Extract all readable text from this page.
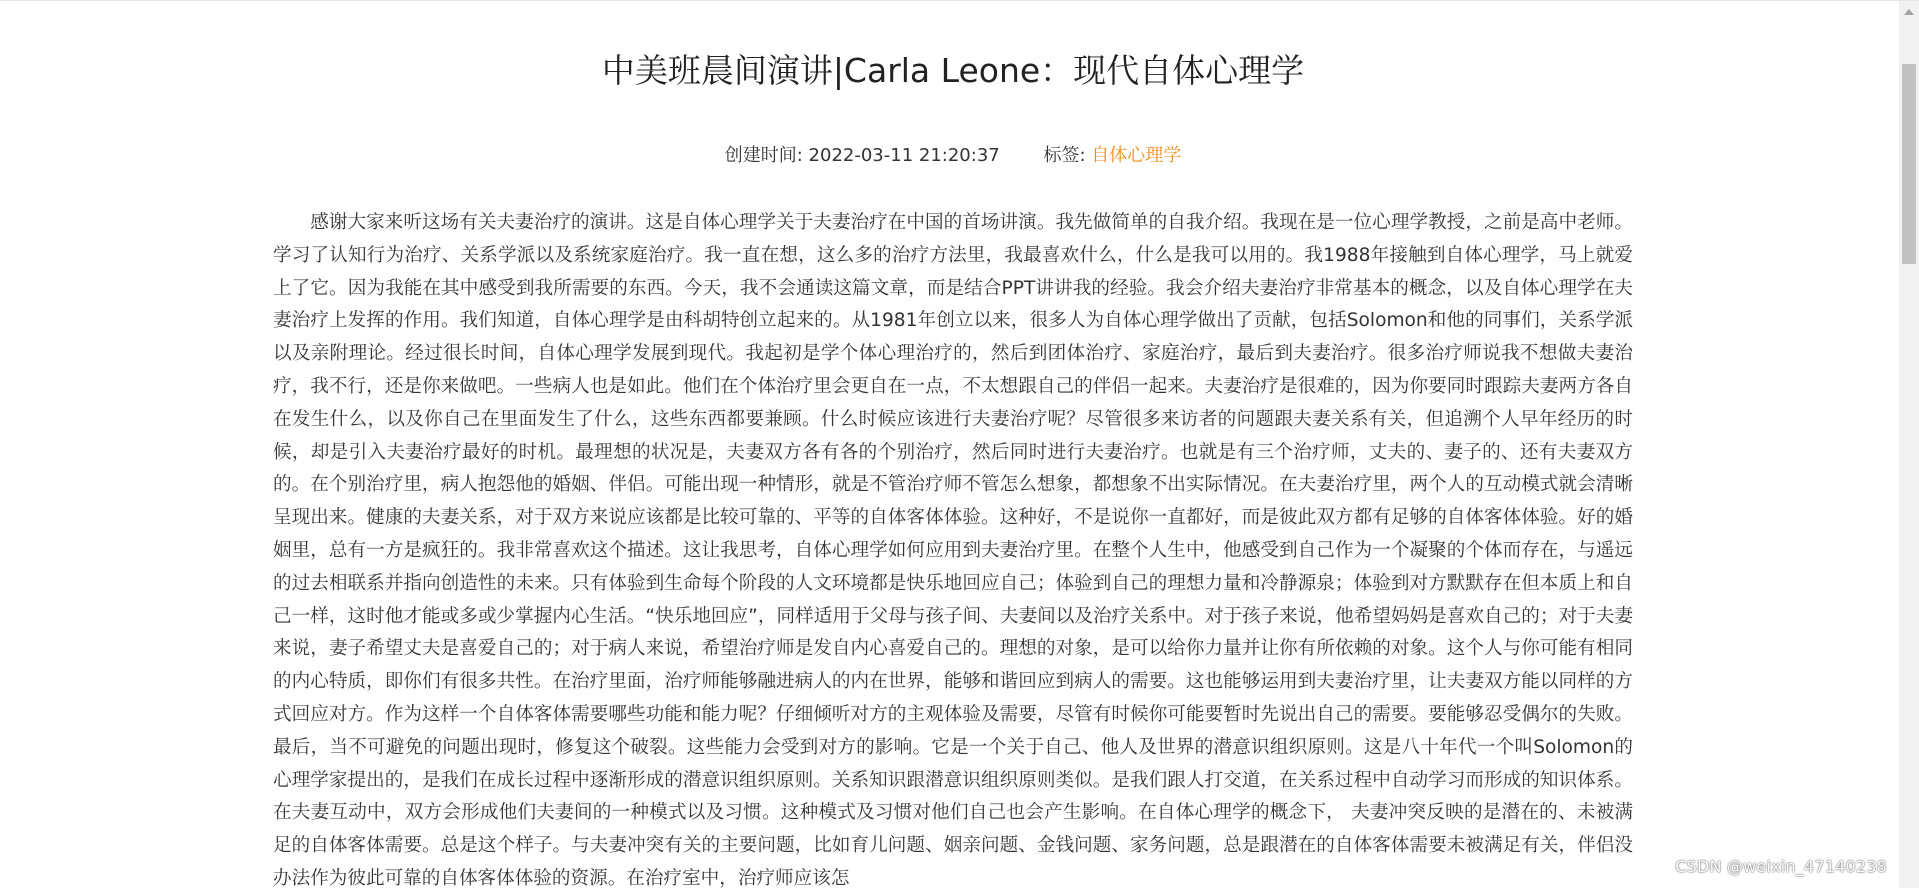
中美班晨间演讲|Carla Leone：现代自体心理学
创建时间: 2022-03-11 21:20:37 标签: 自体心理学

感谢大家来听这场有关夫妻治疗的演讲。这是自体心理学关于夫妻治疗在中国的首场讲演。我先做简单的自我介绍。我现在是一位心理学教授，之前是高中老师。学习了认知行为治疗、关系学派以及系统家庭治疗。我一直在想，这么多的治疗方法里，我最喜欢什么，什么是我可以用的。我1988年接触到自体心理学，马上就爱上了它。因为我能在其中感受到我所需要的东西。今天，我不会通读这篇文章，而是结合PPT讲讲我的经验。我会介绍夫妻治疗非常基本的概念，以及自体心理学在夫妻治疗上发挥的作用。我们知道，自体心理学是由科胡特创立起来的。从1981年创立以来，很多人为自体心理学做出了贡献，包括Solomon和他的同事们，关系学派以及亲附理论。经过很长时间，自体心理学发展到现代。我起初是学个体心理治疗的，然后到团体治疗、家庭治疗，最后到夫妻治疗。很多治疗师说我不想做夫妻治疗，我不行，还是你来做吧。一些病人也是如此。他们在个体治疗里会更自在一点，不太想跟自己的伴侣一起来。夫妻治疗是很难的，因为你要同时跟踪夫妻两方各自在发生什么，以及你自己在里面发生了什么，这些东西都要兼顾。什么时候应该进行夫妻治疗呢？尽管很多来访者的问题跟夫妻关系有关，但追溯个人早年经历的时候，却是引入夫妻治疗最好的时机。最理想的状况是，夫妻双方各有各的个别治疗，然后同时进行夫妻治疗。也就是有三个治疗师，丈夫的、妻子的、还有夫妻双方的。在个别治疗里，病人抱怨他的婚姻、伴侣。可能出现一种情形，就是不管治疗师不管怎么想象，都想象不出实际情况。在夫妻治疗里，两个人的互动模式就会清晰呈现出来。健康的夫妻关系，对于双方来说应该都是比较可靠的、平等的自体客体体验。这种好，不是说你一直都好，而是彼此双方都有足够的自体客体体验。好的婚姻里，总有一方是疯狂的。我非常喜欢这个描述。这让我思考，自体心理学如何应用到夫妻治疗里。在整个人生中，他感受到自己作为一个凝聚的个体而存在，与遥远的过去相联系并指向创造性的未来。只有体验到生命每个阶段的人文环境都是快乐地回应自己；体验到自己的理想力量和冷静源泉；体验到对方默默存在但本质上和自己一样，这时他才能或多或少掌握内心生活。“快乐地回应”，同样适用于父母与孩子间、夫妻间以及治疗关系中。对于孩子来说，他希望妈妈是喜欢自己的；对于夫妻来说，妻子希望丈夫是喜爱自己的；对于病人来说，希望治疗师是发自内心喜爱自己的。理想的对象，是可以给你力量并让你有所依赖的对象。这个人与你可能有相同的内心特质，即你们有很多共性。在治疗里面，治疗师能够融进病人的内在世界，能够和谐回应到病人的需要。这也能够运用到夫妻治疗里，让夫妻双方能以同样的方式回应对方。作为这样一个自体客体需要哪些功能和能力呢？仔细倾听对方的主观体验及需要，尽管有时候你可能要暂时先说出自己的需要。要能够忍受偶尔的失败。最后，当不可避免的问题出现时，修复这个破裂。这些能力会受到对方的影响。它是一个关于自己、他人及世界的潜意识组织原则。这是八十年代一个叫Solomon的心理学家提出的，是我们在成长过程中逐渐形成的潜意识组织原则。关系知识跟潜意识组织原则类似。是我们跟人打交道，在关系过程中自动学习而形成的知识体系。在夫妻互动中，双方会形成他们夫妻间的一种模式以及习惯。这种模式及习惯对他们自己也会产生影响。在自体心理学的概念下， 夫妻冲突反映的是潜在的、未被满足的自体客体需要。总是这个样子。与夫妻冲突有关的主要问题，比如育儿问题、姻亲问题、金钱问题、家务问题，总是跟潜在的自体客体需要未被满足有关，伴侣没办法作为彼此可靠的自体客体体验的资源。在治疗室中，治疗师应该怎

CSDN @weixin_47140238
